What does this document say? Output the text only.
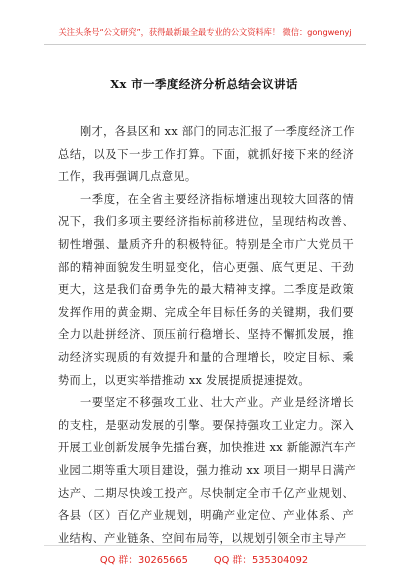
关注头条号“公文研究”，获得最新最全最专业的公文资料库！ 微信：gongwenyj
Xx 市一季度经济分析总结会议讲话
刚才，各县区和 xx 部门的同志汇报了一季度经济工作
总结，以及下一步工作打算。下面，就抓好接下来的经济
工作，我再强调几点意见。
一季度，在全省主要经济指标增速出现较大回落的情
况下，我们多项主要经济指标前移进位，呈现结构改善、
韧性增强、量质齐升的积极特征。特别是全市广大党员干
部的精神面貌发生明显变化，信心更强、底气更足、干劲
更大，这是我们奋勇争先的最大精神支撑。二季度是政策
发挥作用的黄金期、完成全年目标任务的关键期，我们要
全力以赴拼经济、顶压前行稳增长、坚持不懈抓发展，推
动经济实现质的有效提升和量的合理增长，咬定目标、乘
势而上，以更实举措推动 xx 发展提质提速提效。
一要坚定不移强攻工业、壮大产业。产业是经济增长
的支柱，是驱动发展的引擎。要保持强攻工业定力。深入
开展工业创新发展争先擂台赛，加快推进 xx 新能源汽车产
业园二期等重大项目建设，强力推动 xx 项目一期早日满产
达产、二期尽快竣工投产。尽快制定全市千亿产业规划、
各县（区）百亿产业规划，明确产业定位、产业体系、产
业结构、产业链条、空间布局等，以规划引领全市主导产
QQ 群：30265665	QQ 群：535304092
